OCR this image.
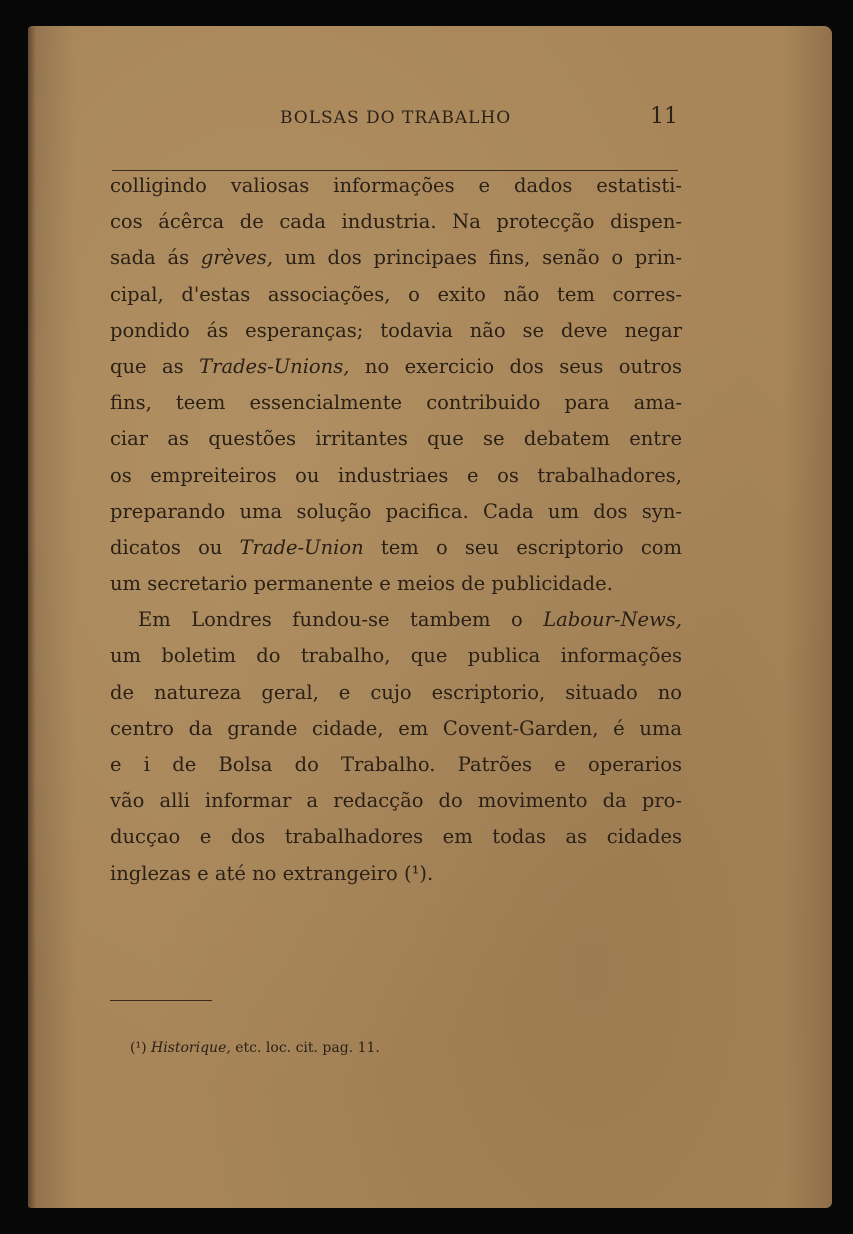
BOLSAS DO TRABALHO	11
colligindo valiosas informações e dados estatisti-
cos ácêrca de cada industria. Na protecção dispen-
sada ás grèves, um dos principaes fins, senão o prin-
cipal, d'estas associações, o exito não tem corres-
pondido ás esperanças; todavia não se deve negar
que as Trades-Unions, no exercicio dos seus outros
fins, teem essencialmente contribuido para ama-
ciar as questões irritantes que se debatem entre
os empreiteiros ou industriaes e os trabalhadores,
preparando uma solução pacifica. Cada um dos syn-
dicatos ou Trade-Union tem o seu escriptorio com
um secretario permanente e meios de publicidade.
Em Londres fundou-se tambem o Labour-News,
um boletim do trabalho, que publica informações
de natureza geral, e cujo escriptorio, situado no
centro da grande cidade, em Covent-Garden, é uma
e i de Bolsa do Trabalho. Patrões e operarios
vão alli informar a redacção do movimento da pro-
ducçao e dos trabalhadores em todas as cidades
inglezas e até no extrangeiro (¹).
(¹) Historique, etc. loc. cit. pag. 11.
